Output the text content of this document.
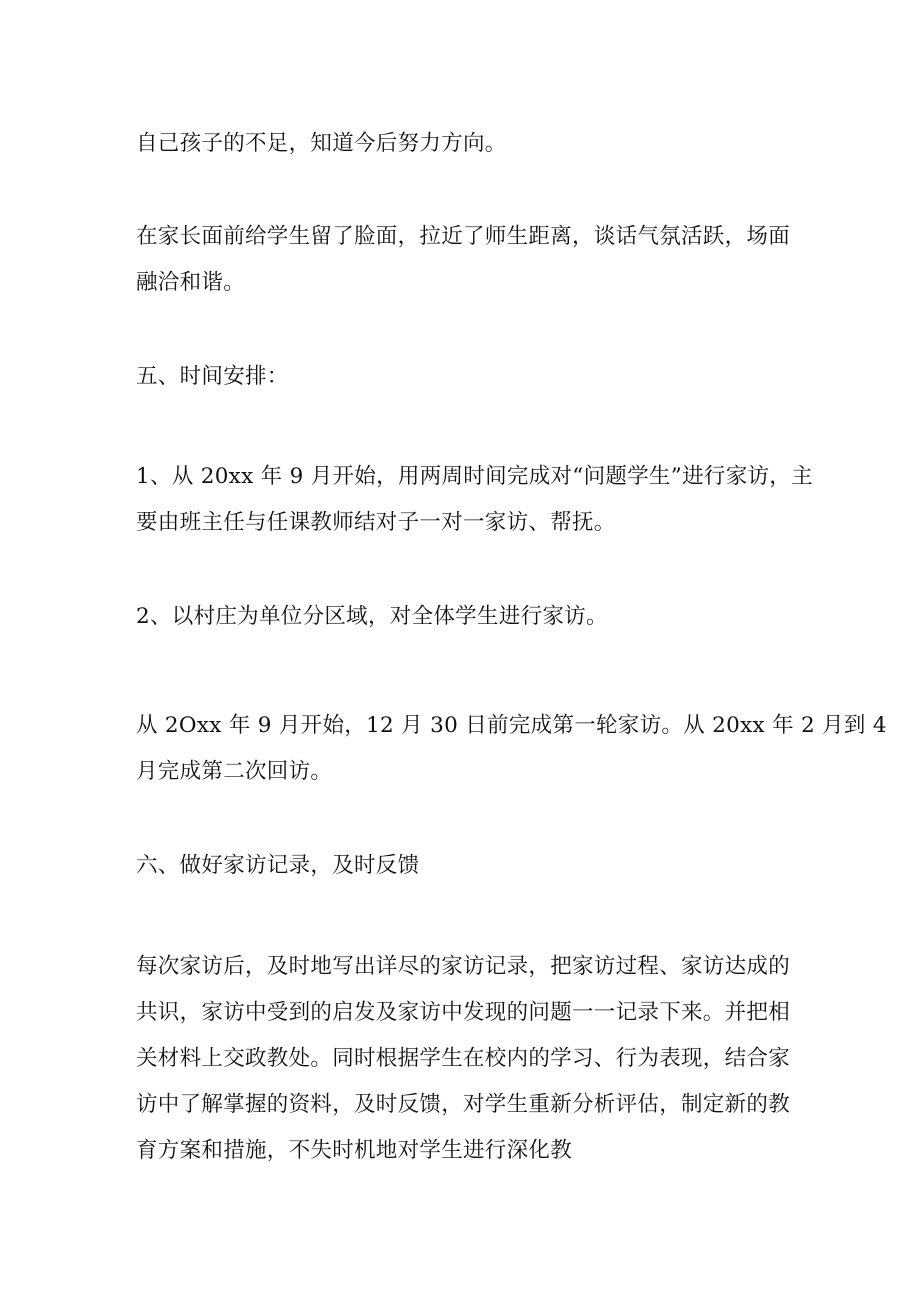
自己孩子的不足，知道今后努力方向。

在家长面前给学生留了脸面，拉近了师生距离，谈话气氛活跃，场面
融洽和谐。

五、时间安排：

1、从 20xx 年 9 月开始，用两周时间完成对“问题学生”进行家访，主
要由班主任与任课教师结对子一对一家访、帮抚。

2、以村庄为单位分区域，对全体学生进行家访。

从 2Oxx 年 9 月开始，12 月 30 日前完成第一轮家访。从 20xx 年 2 月到 4
月完成第二次回访。

六、做好家访记录，及时反馈

每次家访后，及时地写出详尽的家访记录，把家访过程、家访达成的
共识，家访中受到的启发及家访中发现的问题一一记录下来。并把相
关材料上交政教处。同时根据学生在校内的学习、行为表现，结合家
访中了解掌握的资料，及时反馈，对学生重新分析评估，制定新的教
育方案和措施，不失时机地对学生进行深化教
